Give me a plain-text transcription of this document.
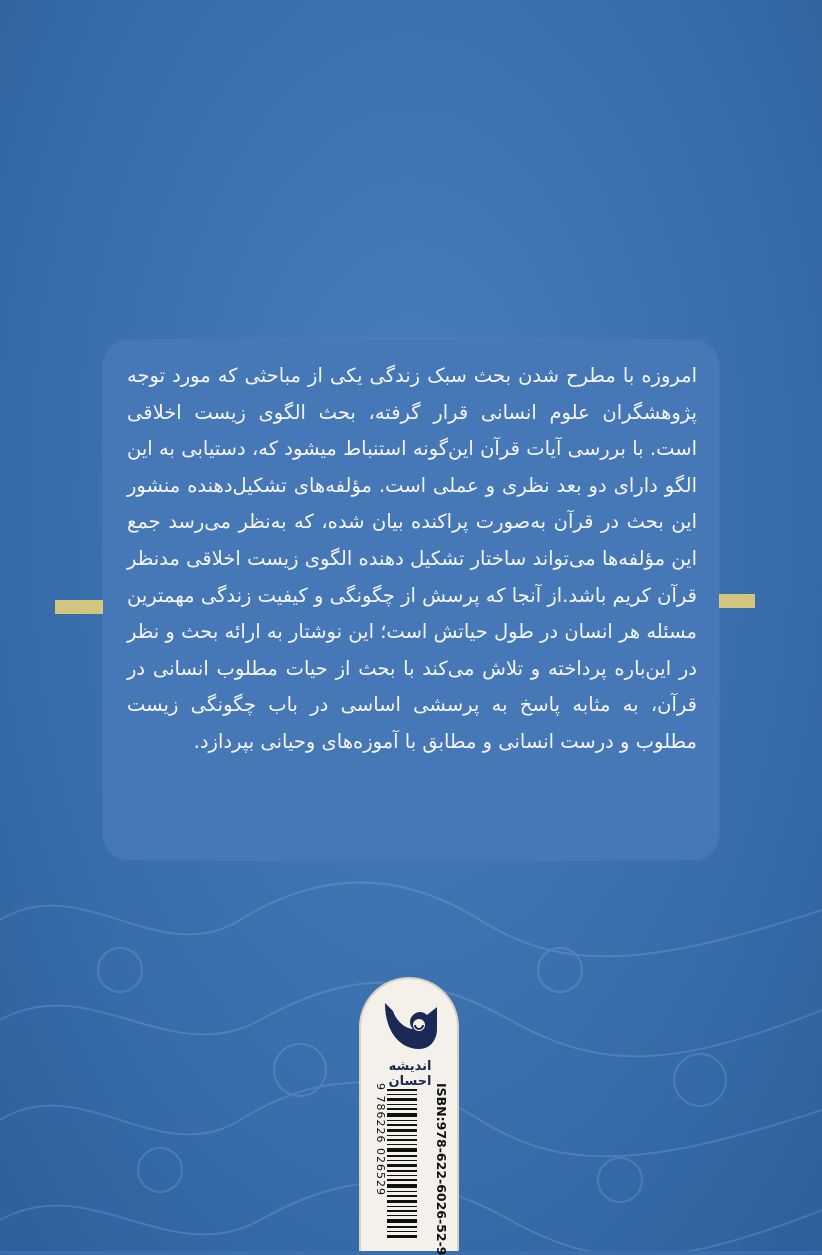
امروزه با مطرح شدن بحث سبک زندگی یکی از مباحثی که مورد توجه پژوهشگران علوم انسانی قرار گرفته، بحث الگوی زیست اخلاقی است. با بررسی آیات قرآن این‌گونه استنباط میشود که، دستیابی به این الگو دارای دو بعد نظری و عملی است. مؤلفه‌های تشکیل‌دهنده منشور این بحث در قرآن به‌صورت پراکنده بیان شده، که به‌نظر می‌رسد جمع این مؤلفه‌ها می‌تواند ساختار تشکیل دهنده الگوی زیست اخلاقی مدنظر قرآن کریم باشد.از آنجا که پرسش از چگونگی و کیفیت زندگی مهمترین مسئله هر انسان در طول حیاتش است؛ این نوشتار به ارائه بحث و نظر در این‌باره پرداخته و تلاش می‌کند با بحث از حیات مطلوب انسانی در قرآن، به مثابه پاسخ به پرسشی اساسی در باب چگونگی زیست مطلوب و درست انسانی و مطابق با آموزه‌های وحیانی بپردازد.

اندیشه احسان
ISBN:978-622-6026-52-9
9 786226 026529
